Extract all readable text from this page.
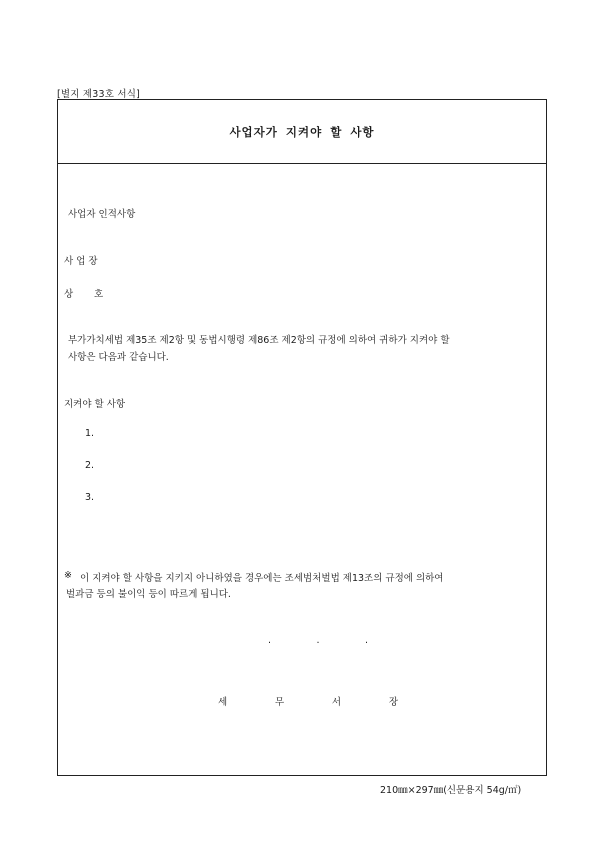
[별지 제33호 서식]
사업자가 지켜야 할 사항
사업자 인적사항
사 업 장
상 호
부가가치세법 제35조 제2항 및 동법시행령 제86조 제2항의 규정에 의하여 귀하가 지켜야 할
사항은 다음과 같습니다.
지켜야 할 사항
1.
2.
3.
※ 이 지켜야 할 사항을 지키지 아니하였을 경우에는 조세범처벌법 제13조의 규정에 의하여
벌과금 등의 불이익 등이 따르게 됩니다.
.	.	.
세	무	서	장
210㎜×297㎜(신문용지 54g/㎡)
